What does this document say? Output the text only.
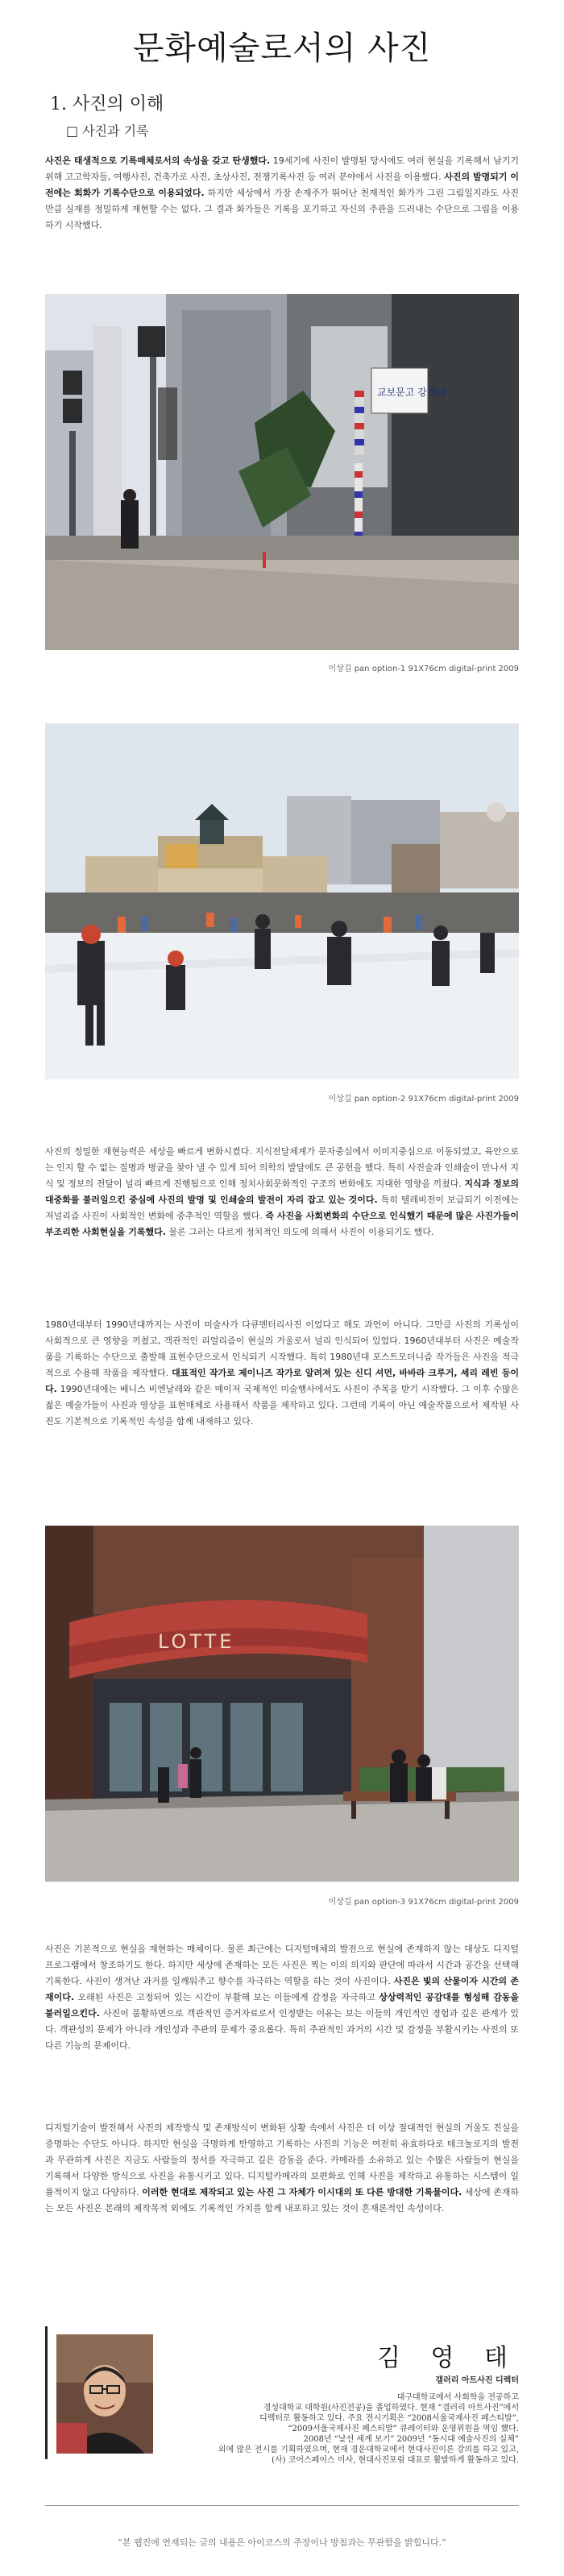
문화예술로서의 사진
1. 사진의 이해
□ 사진과 기록
사진은 태생적으로 기록매체로서의 속성을 갖고 탄생했다. 19세기에 사진이 발명된 당시에도 여러 현실을 기록해서 남기기 위해 고고학자들, 여행사진, 건축가로 사진, 초상사진, 전쟁기록사진 등 여러 분야에서 사진을 이용했다. 사진의 발명되기 이전에는 회화가 기록수단으로 이용되었다. 하지만 세상에서 가장 손재주가 뛰어난 천재적인 화가가 그린 그림일지라도 사진만큼 실재를 정밀하게 재현할 수는 없다. 그 결과 화가들은 기록을 포기하고 자신의 주관을 드러내는 수단으로 그림을 이용하기 시작했다.
교보문고 강계대
이상길 pan option-1 91X76cm digital-print 2009
이상길 pan option-2 91X76cm digital-print 2009
사진의 정밀한 재현능력은 세상을 빠르게 변화시켰다. 지식전달체계가 문자중심에서 이미지중심으로 이동되었고, 육안으로는 인지 할 수 없는 질병과 병균을 찾아 낼 수 있게 되어 의학의 발달에도 큰 공헌을 했다. 특히 사진술과 인쇄술이 만나서 지식 및 정보의 전달이 널리 빠르게 진행됨으로 인해 정치사회문화적인 구조의 변화에도 지대한 영향을 끼쳤다. 지식과 정보의 대중화를 불러일으킨 중심에 사진의 발명 및 인쇄술의 발전이 자리 잡고 있는 것이다. 특히 텔레비전이 보급되기 이전에는 저널리즘 사진이 사회적인 변화에 중추적인 역할을 했다. 즉 사진을 사회변화의 수단으로 인식했기 때문에 많은 사진가들이 부조리한 사회현실을 기록했다. 물론 그러는 다르게 정치적인 의도에 의해서 사진이 이용되기도 했다.
1980년대부터 1990년대까지는 사진이 미술사가 다큐멘터리사진 이었다고 해도 과언이 아니다. 그만큼 사진의 기록성이 사회적으로 큰 영향을 끼쳤고, 객관적인 리얼리즘이 현실의 거울로서 널리 인식되어 있었다. 1960년대부터 사진은 예술작품을 기록하는 수단으로 출발해 표현수단으로서 인식되기 시작했다. 특히 1980년대 포스트모더니즘 작가들은 사진을 적극적으로 수용해 작품을 제작했다. 대표적인 작가로 제이니즈 작가로 알려져 있는 신디 셔먼, 바바라 크루거, 셰리 레빈 등이다. 1990년대에는 베니스 비엔날레와 같은 메이저 국제적인 미술행사에서도 사진이 주목을 받기 시작했다. 그 이후 수많은 젊은 예술가들이 사진과 영상을 표현매체로 사용해서 작품을 제작하고 있다. 그런데 기록이 아닌 예술작품으로서 제작된 사진도 기본적으로 기록적인 속성을 함께 내재하고 있다.
LOTTE
이상길 pan option-3 91X76cm digital-print 2009
사진은 기본적으로 현실을 재현하는 매체이다. 물론 최근에는 디지털매체의 발전으로 현실에 존재하지 않는 대상도 디지털프로그램에서 창조하기도 한다. 하지만 세상에 존재하는 모든 사진은 찍는 이의 의지와 판단에 따라서 시간과 공간을 선택해 기록한다. 사진이 생겨난 과거를 일깨워주고 향수를 자극하는 역할을 하는 것이 사진이다. 사진은 빛의 산물이자 시간의 존재이다. 오래된 사진은 고정되어 있는 시간이 부활해 보는 이들에게 감정을 자극하고 상상력적인 공감대를 형성해 감동을 불러일으킨다. 사진이 품황하면으로 객관적인 증거자료로서 인정받는 이유는 보는 이들의 개인적인 경험과 깊은 관계가 있다. 객관성의 문제가 아니라 개인성과 주관의 문제가 중요롭다. 특히 주관적인 과거의 시간 및 감정을 부활시키는 사진의 또 다른 기능의 문제이다.
디지털기술이 발전해서 사진의 제작방식 및 존재방식이 변화된 상황 속에서 사진은 더 이상 절대적인 현실의 거울도 진실을 증명하는 수단도 아니다. 하지만 현실을 극명하게 반영하고 기록하는 사진의 기능은 여전히 유효하다로 테크놀로지의 발전과 무관하게 사진은 지금도 사람들의 정서를 자극하고 깊은 감동을 준다. 카메라를 소유하고 있는 수많은 사람들이 현실을 기록해서 다양한 방식으로 사진을 유통시키고 있다. 디지털카메라의 보편화로 인해 사진을 제작하고 유통하는 시스템이 일률적이지 않고 다양하다. 이러한 현대로 제작되고 있는 사진 그 자체가 이시대의 또 다른 방대한 기록물이다. 세상에 존재하는 모든 사진은 본래의 제작목적 외에도 기록적인 가치를 함께 내포하고 있는 것이 흔재론적인 속성이다.
김 영 태
갤러리 아트사진 디렉터
대구대학교에서 사회학을 전공하고
경성대학교 대학원(사진전공)을 졸업하였다. 현재 “갤러리 아트사진”에서
디렉터로 활동하고 있다. 주요 전시기획은 “2008서울국제사진 페스티발”,
“2009서울국제사진 페스티발” 큐레이터와 운영위원을 역임 했다.
2008년 “낯선 세계 보기” 2009년 “동시대 예술사진의 실체”
외에 많은 전시를 기획하였으며, 현재 경운대학교에서 현대사진이론 강의를 하고 있고,
(사) 코어스페이스 이사, 현대사진포럼 대표로 활발하게 활동하고 있다.
“본 웹진에 연재되는 글의 내용은 아이코스의 주장이나 방침과는 무관함을 밝힙니다.”
